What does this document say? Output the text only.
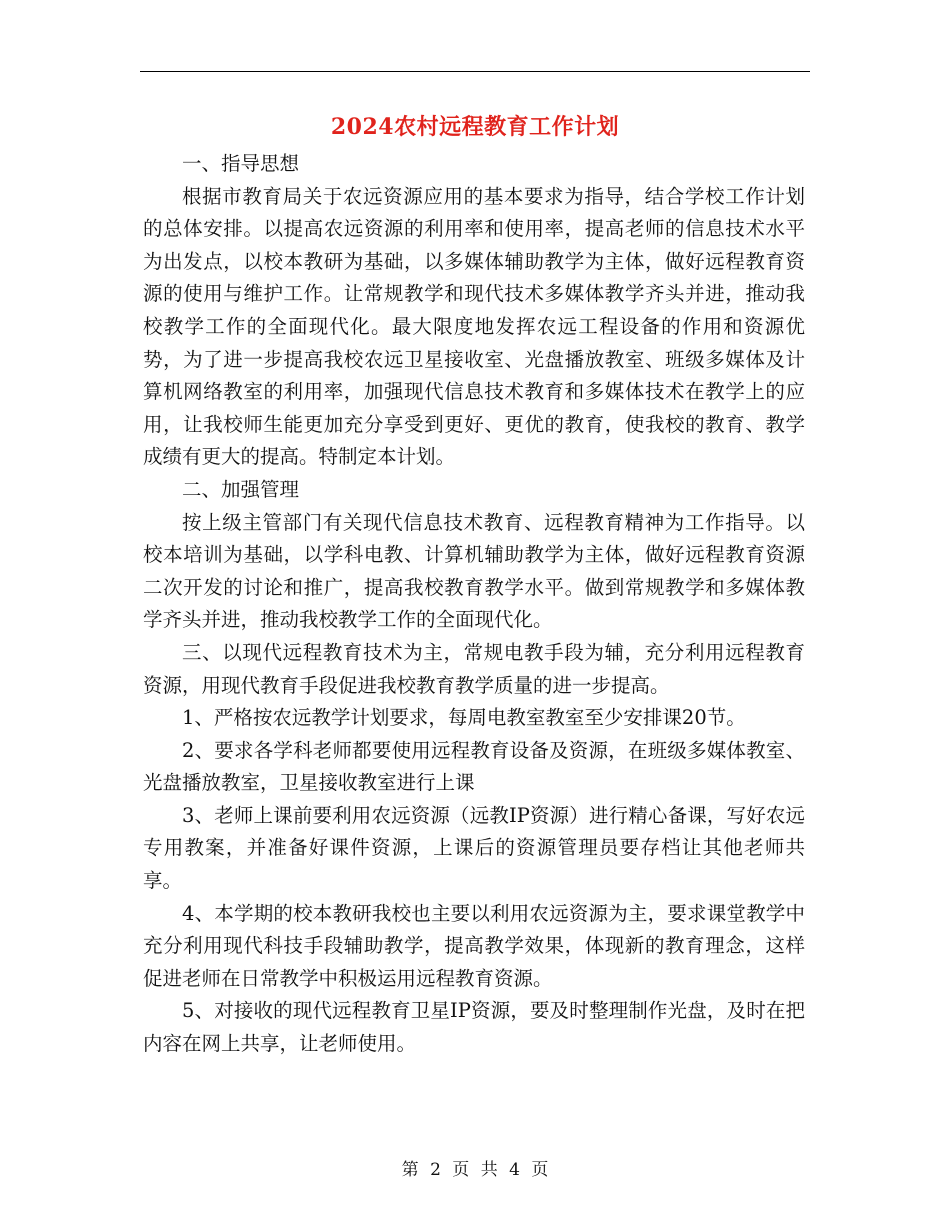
2024农村远程教育工作计划

一、指导思想

根据市教育局关于农远资源应用的基本要求为指导，结合学校工作计划的总体安排。以提高农远资源的利用率和使用率，提高老师的信息技术水平为出发点，以校本教研为基础，以多媒体辅助教学为主体，做好远程教育资源的使用与维护工作。让常规教学和现代技术多媒体教学齐头并进，推动我校教学工作的全面现代化。最大限度地发挥农远工程设备的作用和资源优势，为了进一步提高我校农远卫星接收室、光盘播放教室、班级多媒体及计算机网络教室的利用率，加强现代信息技术教育和多媒体技术在教学上的应用，让我校师生能更加充分享受到更好、更优的教育，使我校的教育、教学成绩有更大的提高。特制定本计划。

二、加强管理

按上级主管部门有关现代信息技术教育、远程教育精神为工作指导。以校本培训为基础，以学科电教、计算机辅助教学为主体，做好远程教育资源二次开发的讨论和推广，提高我校教育教学水平。做到常规教学和多媒体教学齐头并进，推动我校教学工作的全面现代化。

三、以现代远程教育技术为主，常规电教手段为辅，充分利用远程教育资源，用现代教育手段促进我校教育教学质量的进一步提高。

1、严格按农远教学计划要求，每周电教室教室至少安排课20节。

2、要求各学科老师都要使用远程教育设备及资源，在班级多媒体教室、光盘播放教室，卫星接收教室进行上课

3、老师上课前要利用农远资源（远教IP资源）进行精心备课，写好农远专用教案，并准备好课件资源，上课后的资源管理员要存档让其他老师共享。

4、本学期的校本教研我校也主要以利用农远资源为主，要求课堂教学中充分利用现代科技手段辅助教学，提高教学效果，体现新的教育理念，这样促进老师在日常教学中积极运用远程教育资源。

5、对接收的现代远程教育卫星IP资源，要及时整理制作光盘，及时在把内容在网上共享，让老师使用。

第 2 页 共 4 页
